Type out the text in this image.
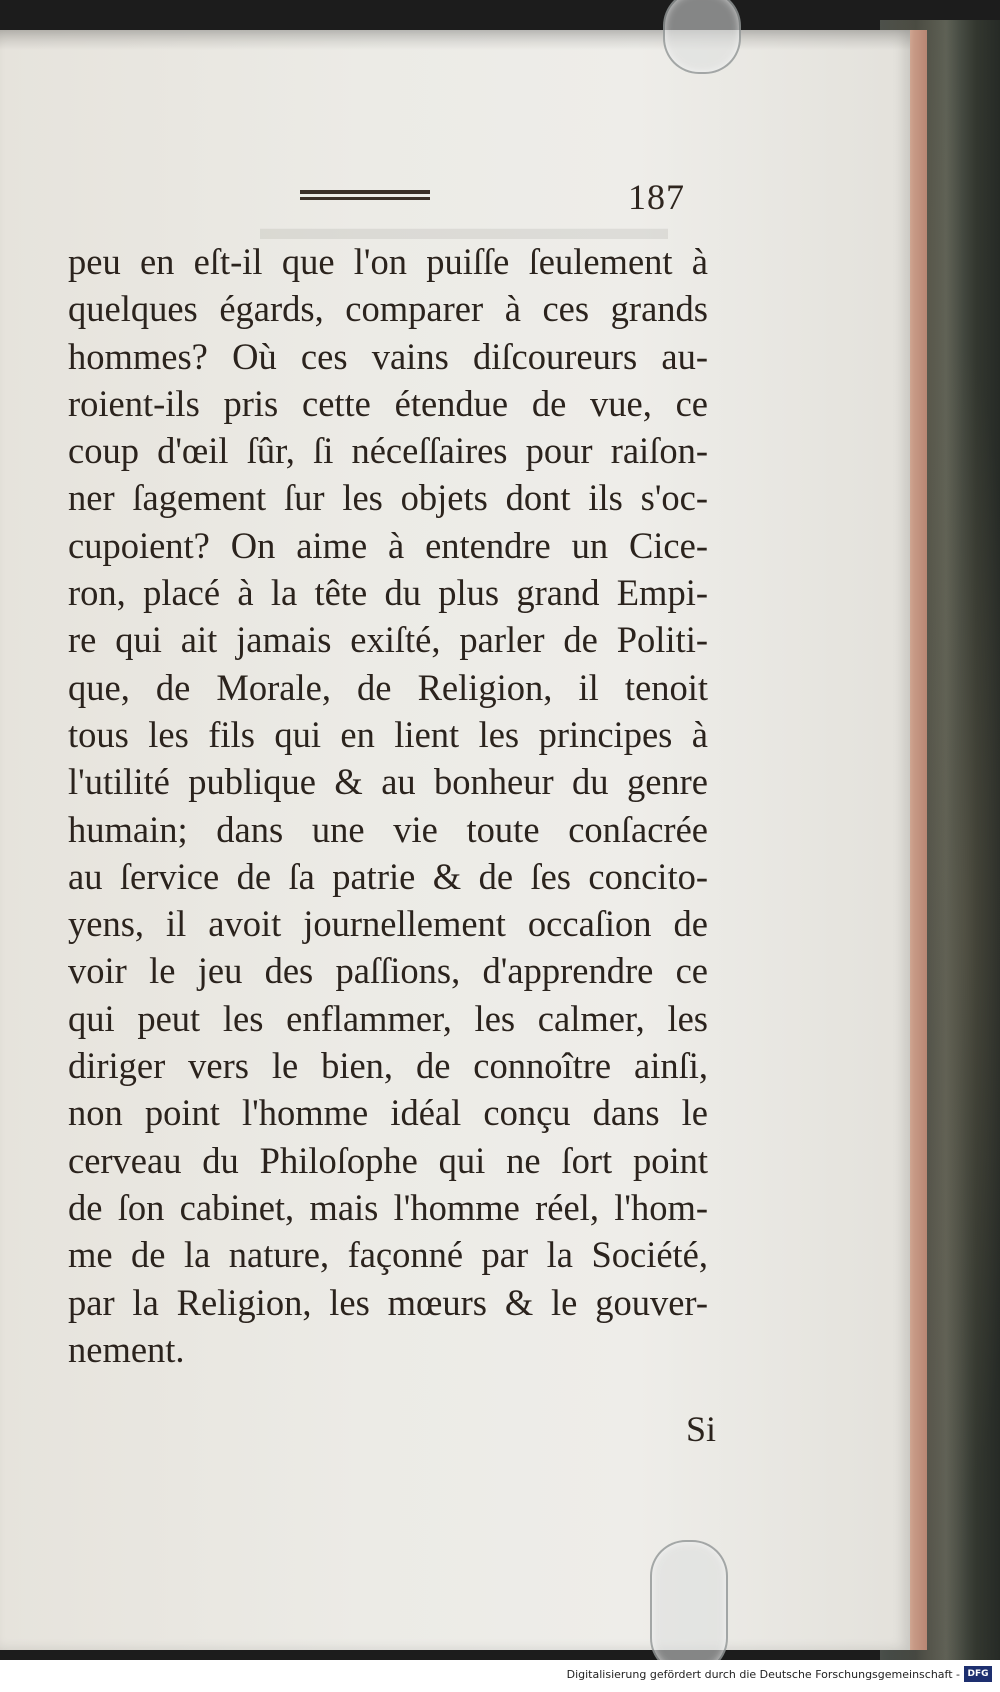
▬▬▬▬▬▬▬▬▬▬▬▬
187
peu en eſt-il que l'on puiſſe ſeulement à
quelques égards, comparer à ces grands
hommes? Où ces vains diſcoureurs au-
roient-ils pris cette étendue de vue, ce
coup d'œil ſûr, ſi néceſſaires pour raiſon-
ner ſagement ſur les objets dont ils s'oc-
cupoient? On aime à entendre un Cice-
ron, placé à la tête du plus grand Empi-
re qui ait jamais exiſté, parler de Politi-
que, de Morale, de Religion, il tenoit
tous les fils qui en lient les principes à
l'utilité publique & au bonheur du genre
humain; dans une vie toute conſacrée
au ſervice de ſa patrie & de ſes concito-
yens, il avoit journellement occaſion de
voir le jeu des paſſions, d'apprendre ce
qui peut les enflammer, les calmer, les
diriger vers le bien, de connoître ainſi,
non point l'homme idéal conçu dans le
cerveau du Philoſophe qui ne ſort point
de ſon cabinet, mais l'homme réel, l'hom-
me de la nature, façonné par la Société,
par la Religion, les mœurs & le gouver-
nement.
Si
Digitalisierung gefördert durch die Deutsche Forschungsgemeinschaft - DFG
